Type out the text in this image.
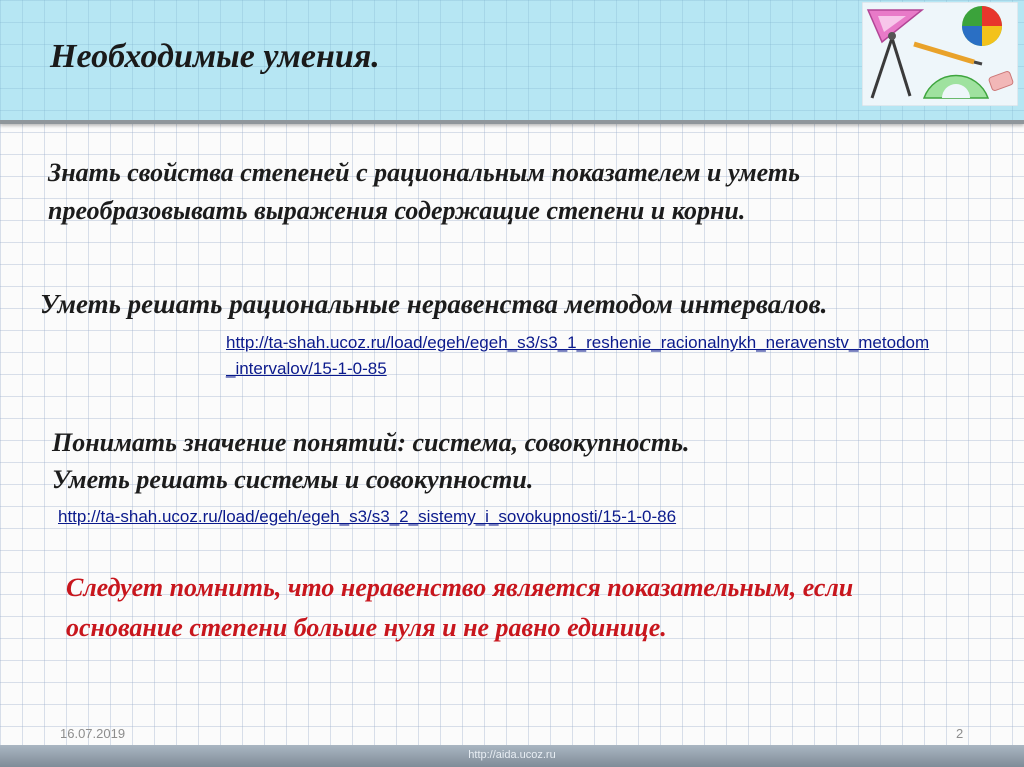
Необходимые умения.

Знать свойства степеней с рациональным показателем и уметь преобразовывать выражения содержащие степени и корни.

Уметь решать рациональные неравенства методом интервалов.

http://ta-shah.ucoz.ru/load/egeh/egeh_s3/s3_1_reshenie_racionalnykh_neravenstv_metodom_intervalov/15-1-0-85

Понимать значение понятий: система, совокупность.
Уметь решать системы и совокупности.

http://ta-shah.ucoz.ru/load/egeh/egeh_s3/s3_2_sistemy_i_sovokupnosti/15-1-0-86

Следует помнить, что неравенство является показательным, если основание степени больше нуля и не равно единице.

16.07.2019	2
http://aida.ucoz.ru
